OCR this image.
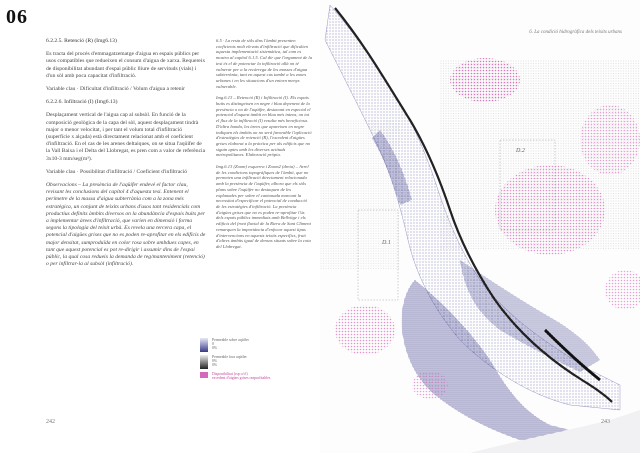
06

6.2.2.5. Retenció (R) (Img6.13)

Es tracta del procés d'emmagatzematge d'aigua en espais públics per usos compatibles que redueixen el consum d'aigua de xarxa. Requereix de disponibilitat abundant d'espai públic lliure de servituds (vials) i d'un sòl amb poca capacitat d'infiltració.

Variable clau · Dificultat d'infiltració / Volum d'aigua a retenir

6.2.2.6. Infiltració (I) (Img6.13)

Desplaçament vertical de l'aigua cap al subsòl. En funció de la composició geològica de la capa del sòl, aquest desplaçament tindrà major o menor velocitat, i per tant el volum total d'infiltració (superfície x alçada) està directament relacionat amb el coeficient d'infiltració. En el cas de les arenes deltaiques, on se situa l'aqüífer de la Vall Baixa i el Delta del Llobregat, es pren com a valor de referència 3x10-3 mm/seg(m³).

Variable clau · Possibilitat d'infiltració / Coeficient d'infiltració

Observacions – La presència de l'aqüífer endevé el factor clau, revisant les conclusions del capítol 4 d'aquesta tesi. Entenent el perímetre de la massa d'aigua subterrània com a la zona més estratègica, un conjunt de teixits urbans d'usos tant residencials com productius definits àmbits diversos on la abundància d'espais buits per a implementar àrees d'infiltració, que varien en dimensió i forma segons la tipologia del teixit urbà. Es revela una tercera capa, el potencial d'aigües grises que no es poden re-aprofitar en els edificis de major densitat, sumproduïda en color rosa sobre ambdues capes, en tant que aquest potencial es pot re-dirigir i assumir dins de l'espai públic, la qual cosa redueix la demanda de reg/manteniment (retenció) o per infiltrar-la al subsòl (infiltració).

6.5 · La resta de sòls dins l'àmbit presenten coeficients molt elevats d'infiltració que dificulten aquesta implementació sistemàtica, tal com es mostra al capítol 6.1.5. Cal dir que l'argument de la tesi és el de potenciar la infiltració allà on té vulnerar per a la recàrrega de les masses d'aigua subterrània, tant en aquest cas també a les zones urbanes i en les situacions d'un entorn menys vulnerable.

Img.6.13 – Retenció (R) i Infiltració (I). Els espais buits es distingeixen en negre i blau depenent de la presència o no de l'aqüífer, destacant en especial el potencial d'aquest àmbit en blau més intens, on tot el flux de la infiltració (I) resulta més beneficiosa. D'altra banda, les àrees que apareixen en negre indiquen els àmbits on no serà favorable l'aplicació d'estratègies de retenció (R), l'excedent d'aigües grises elaborat a la pràctica per als edificis que no siguin aptes amb les diverses actituds metropolitanes. Elaboració pròpia.

Img.6.13 (Zoom) esquerra i Zoom2 (dreta) – Arrel de les condicions topogràfiques de l'àmbit, que no permeten una infiltració directament relacionada amb la presència de l'aqüífer, alhora que els sòls plans sobre l'aqüífer no destaquen de les explanades per sobre el cantonada marcant la necessitat d'especificar el potencial de conducció de les estratègies d'infiltració. La presència d'aigües grises que no es poden re-aprofitar l'ús dels espais públics immediats amb Bellvitge i els edificis del front fluvial de la Riera de Sant Climent remarquen la importància d'enfocar aquest tipus d'intervencions en aquests teixits específics, fruit d'altres àmbits igual de densos situats sobre la cota del Llobregat.

242
6. La condició hidrogràfica dels teixits urbans
D.1
D.2
243
Permeable sobre aqüífer
0
0%
Permeable fora aqüífer
0%
0%
Disponibilitat (rsp o/cl)
excedent d'aigües grises reaprofitables
